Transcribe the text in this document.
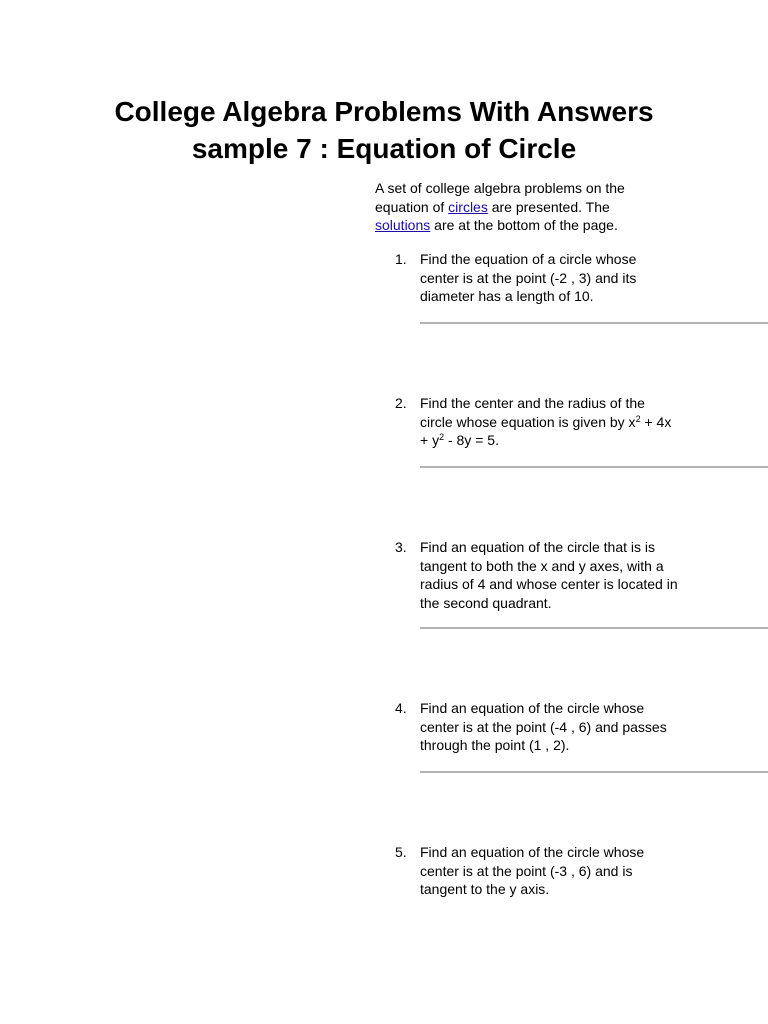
College Algebra Problems With Answers
sample 7 : Equation of Circle

A set of college algebra problems on the equation of circles are presented. The solutions are at the bottom of the page.

1. Find the equation of a circle whose center is at the point (-2 , 3) and its diameter has a length of 10.
2. Find the center and the radius of the circle whose equation is given by $x^2 + 4x + y^2 - 8y = 5$.
3. Find an equation of the circle that is is tangent to both the x and y axes, with a radius of 4 and whose center is located in the second quadrant.
4. Find an equation of the circle whose center is at the point (-4 , 6) and passes through the point (1 , 2).
5. Find an equation of the circle whose center is at the point (-3 , 6) and is tangent to the y axis.
